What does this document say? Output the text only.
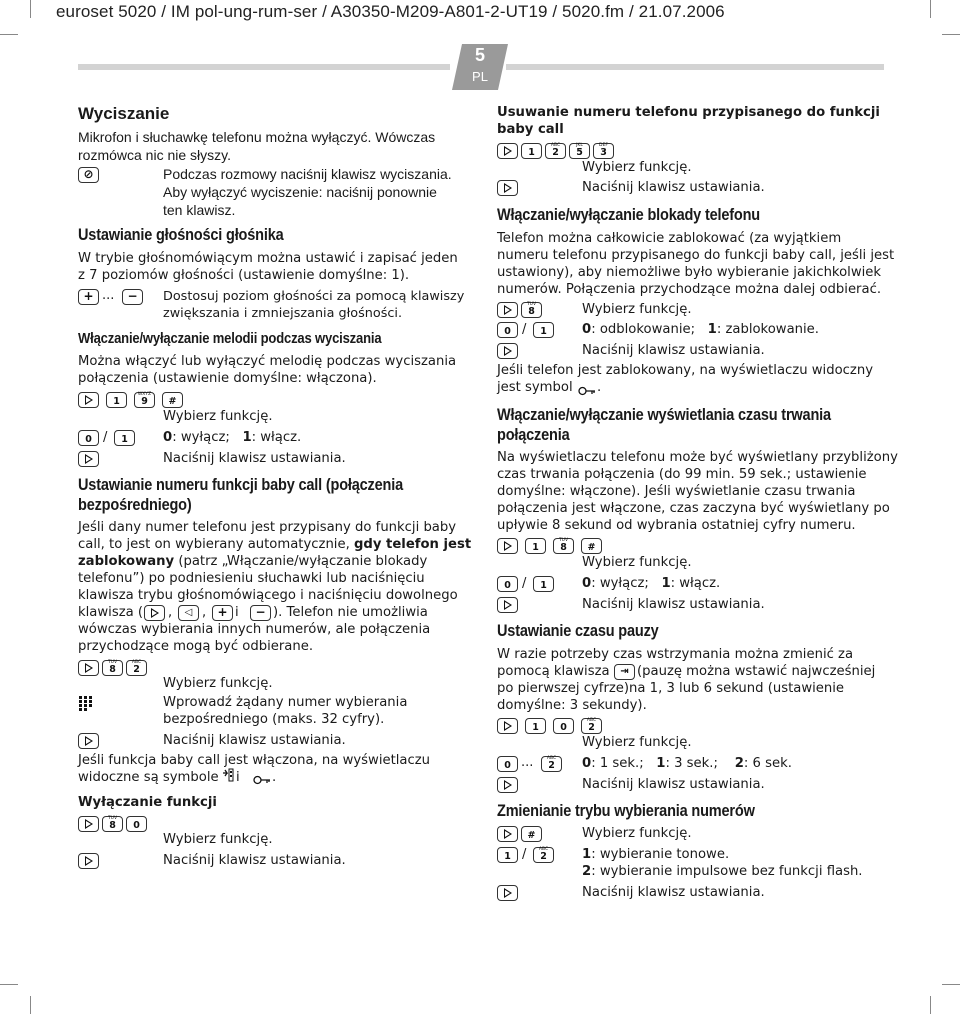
euroset 5020 / IM pol-ung-rum-ser / A30350-M209-A801-2-UT19 / 5020.fm / 21.07.2006
5
PL
Wyciszanie
Mikrofon i słuchawkę telefonu można wyłączyć. Wówczas
rozmówca nic nie słyszy.
⊘	Podczas rozmowy naciśnij klawisz wyciszania.
Aby wyłączyć wyciszenie: naciśnij ponownie
ten klawisz.
Ustawianie głośności głośnika
W trybie głośnomówiącym można ustawić i zapisać jeden
z 7 poziomów głośności (ustawienie domyślne: 1).
+ ...	−	Dostosuj poziom głośności za pomocą klawiszy
zwiększania i zmniejszania głośności.
Włączanie/wyłączanie melodii podczas wyciszania
Można włączyć lub wyłączyć melodię podczas wyciszania
połączenia (ustawienie domyślne: włączona).
1
WXYZ
9	#
Wybierz funkcję.
0 /	1	0: wyłącz; 1: włącz.
Naciśnij klawisz ustawiania.
Ustawianie numeru funkcji baby call (połączenia
bezpośredniego)
Jeśli dany numer telefonu jest przypisany do funkcji baby
call, to jest on wybierany automatycznie, gdy telefon jest
zablokowany (patrz „Włączanie/wyłączanie blokady
telefonu”) po podniesieniu słuchawki lub naciśnięciu
klawisza trybu głośnomówiącego i naciśnięciu dowolnego
klawisza ( ,	◁ , + i	− ). Telefon nie umożliwia
wówczas wybierania innych numerów, ale połączenia
przychodzące mogą być odbierane.
TUV
8
ABC
2
Wybierz funkcję.
Wprowadź żądany numer wybierania
bezpośredniego (maks. 32 cyfry).
Naciśnij klawisz ustawiania.
Jeśli funkcja baby call jest włączona, na wyświetlaczu
widoczne są symbole i .
Wyłączanie funkcji
TUV
8	0
Wybierz funkcję.
Naciśnij klawisz ustawiania.
Usuwanie numeru telefonu przypisanego do funkcji
baby call
1
ABC
2
JKL
5
DEF
3
Wybierz funkcję.
Naciśnij klawisz ustawiania.
Włączanie/wyłączanie blokady telefonu
Telefon można całkowicie zablokować (za wyjątkiem
numeru telefonu przypisanego do funkcji baby call, jeśli jest
ustawiony), aby niemożliwe było wybieranie jakichkolwiek
numerów. Połączenia przychodzące można dalej odbierać.
TUV
8	Wybierz funkcję.
0 /	1	0: odblokowanie; 1: zablokowanie.
Naciśnij klawisz ustawiania.
Jeśli telefon jest zablokowany, na wyświetlaczu widoczny
jest symbol .
Włączanie/wyłączanie wyświetlania czasu trwania
połączenia
Na wyświetlaczu telefonu może być wyświetlany przybliżony
czas trwania połączenia (do 99 min. 59 sek.; ustawienie
domyślne: włączone). Jeśli wyświetlanie czasu trwania
połączenia jest włączone, czas zaczyna być wyświetlany po
upływie 8 sekund od wybrania ostatniej cyfry numeru.
1
TUV
8	#
Wybierz funkcję.
0 /	1	0: wyłącz; 1: włącz.
Naciśnij klawisz ustawiania.
Ustawianie czasu pauzy
W razie potrzeby czas wstrzymania można zmienić za
pomocą klawisza	⇥ (pauzę można wstawić najwcześniej
po pierwszej cyfrze)na 1, 3 lub 6 sekund (ustawienie
domyślne: 3 sekundy).
1	0
ABC
2
Wybierz funkcję.
0 ...	ABC
2	0: 1 sek.; 1: 3 sek.; 2: 6 sek.
Naciśnij klawisz ustawiania.
Zmienianie trybu wybierania numerów
#	Wybierz funkcję.
1 /	ABC
2	1: wybieranie tonowe.
2: wybieranie impulsowe bez funkcji flash.
Naciśnij klawisz ustawiania.
